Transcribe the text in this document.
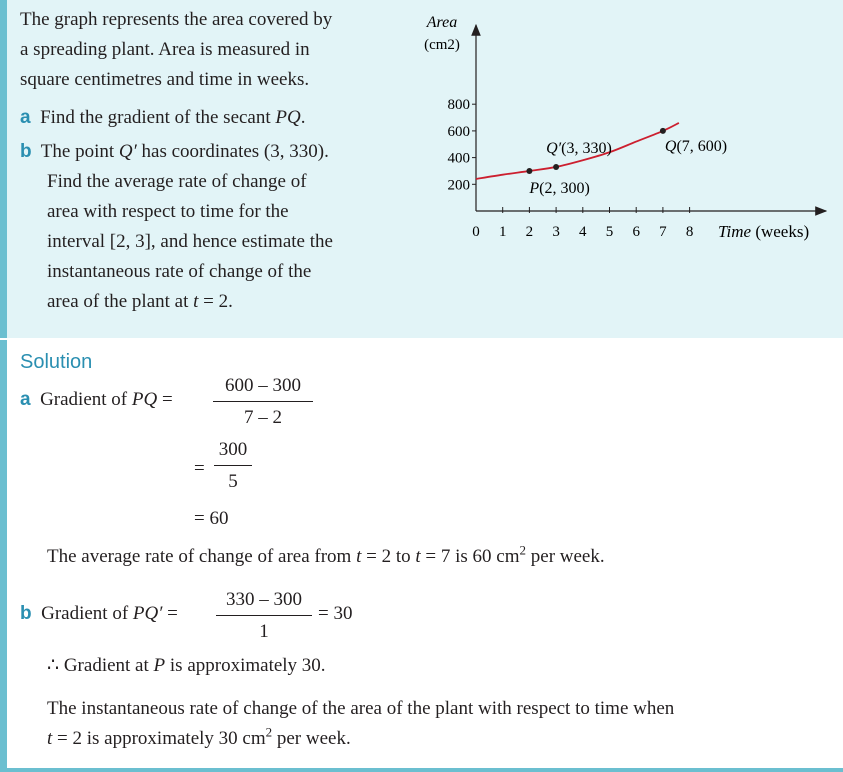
The graph represents the area covered by
a spreading plant. Area is measured in
square centimetres and time in weeks.
a Find the gradient of the secant PQ.
b The point Q′ has coordinates (3, 330).
Find the average rate of change of
area with respect to time for the
interval [2, 3], and hence estimate the
instantaneous rate of change of the
area of the plant at t = 2.
200
400
600
800
0 1 2 3 4 5 6 7 8
Area
(cm2)
Time (weeks)
P(2, 300)
Q′(3, 330)	Q(7, 600)
Solution
a Gradient of PQ =
600 – 300
7 – 2
=
300
5
= 60
The average rate of change of area from t = 2 to t = 7 is 60 $cm^2$ per week.
b Gradient of PQ′ =
330 – 300
1
= 30
∴ Gradient at P is approximately 30.
The instantaneous rate of change of the area of the plant with respect to time when
t = 2 is approximately 30 $cm^2$ per week.
